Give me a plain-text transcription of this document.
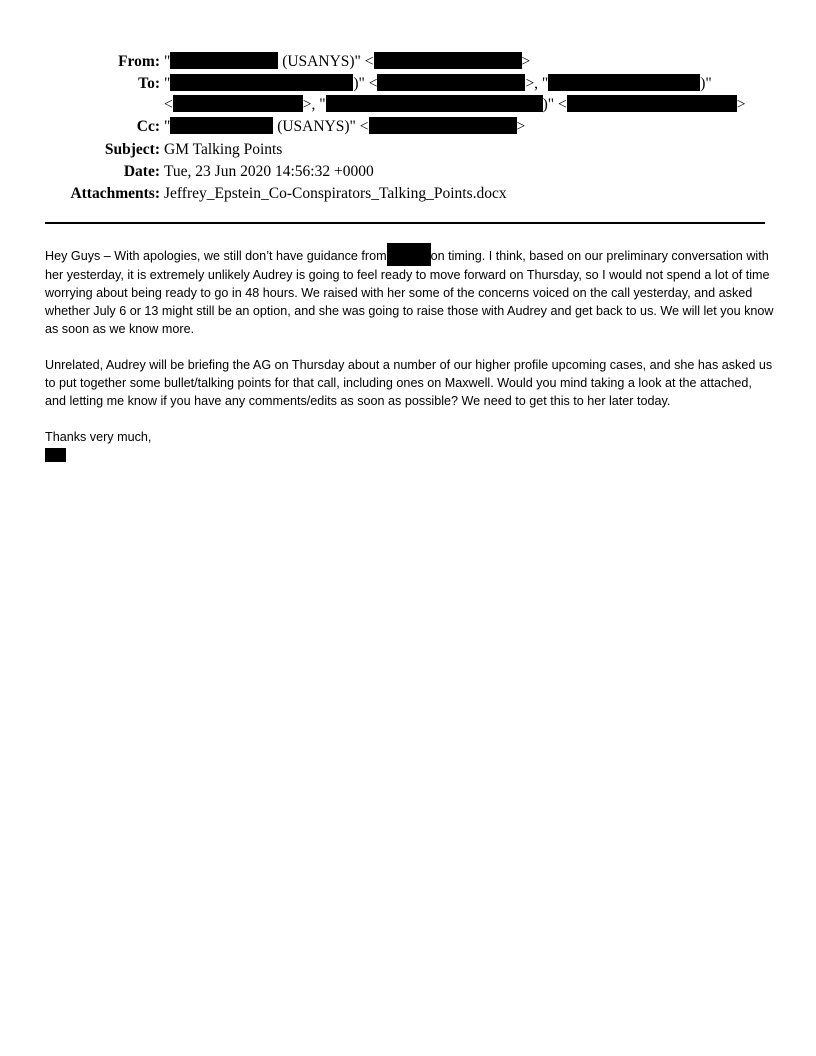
From: "	(USANYS)" <	>
To: "	)" <	>, "	)"
<	>, "	)" <	>
Cc: "	(USANYS)" <	>
Subject: GM Talking Points
Date: Tue, 23 Jun 2020 14:56:32 +0000
Attachments: Jeffrey_Epstein_Co-Conspirators_Talking_Points.docx

Hey Guys – With apologies, we still don’t have guidance from	on timing. I think, based on our preliminary conversation with her yesterday, it is extremely unlikely Audrey is going to feel ready to move forward on Thursday, so I would not spend a lot of time worrying about being ready to go in 48 hours. We raised with her some of the concerns voiced on the call yesterday, and asked whether July 6 or 13 might still be an option, and she was going to raise those with Audrey and get back to us. We will let you know as soon as we know more.

Unrelated, Audrey will be briefing the AG on Thursday about a number of our higher profile upcoming cases, and she has asked us to put together some bullet/talking points for that call, including ones on Maxwell. Would you mind taking a look at the attached, and letting me know if you have any comments/edits as soon as possible? We need to get this to her later today.

Thanks very much,
